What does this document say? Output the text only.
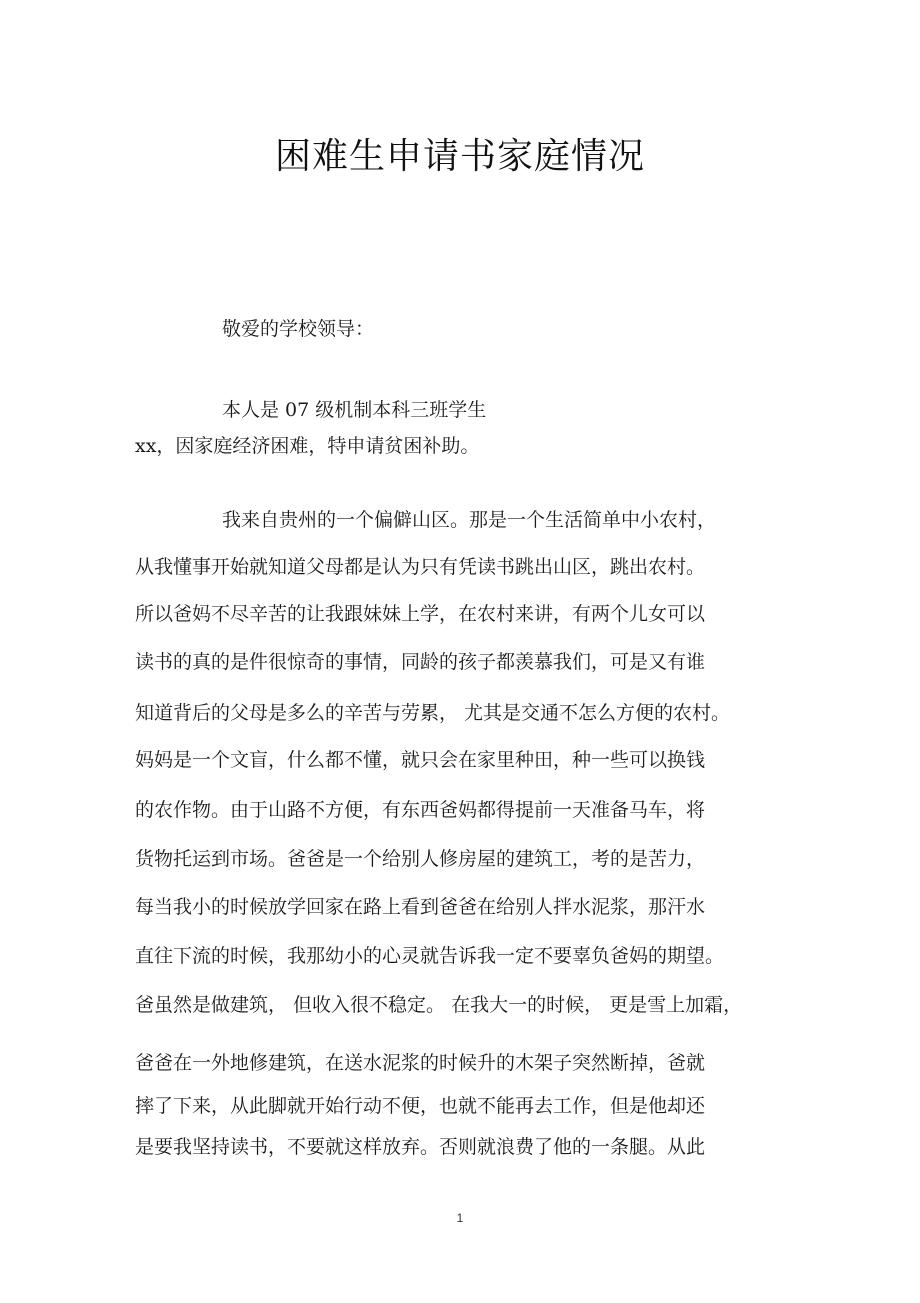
困难生申请书家庭情况
敬爱的学校领导：
本人是 07 级机制本科三班学生
xx，因家庭经济困难，特申请贫困补助。
我来自贵州的一个偏僻山区。那是一个生活简单中小农村，
从我懂事开始就知道父母都是认为只有凭读书跳出山区，跳出农村。
所以爸妈不尽辛苦的让我跟妹妹上学，在农村来讲，有两个儿女可以
读书的真的是件很惊奇的事情，同龄的孩子都羡慕我们，可是又有谁
知道背后的父母是多么的辛苦与劳累， 尤其是交通不怎么方便的农村。
妈妈是一个文盲，什么都不懂，就只会在家里种田，种一些可以换钱
的农作物。由于山路不方便，有东西爸妈都得提前一天准备马车，将
货物托运到市场。爸爸是一个给别人修房屋的建筑工，考的是苦力，
每当我小的时候放学回家在路上看到爸爸在给别人拌水泥浆，那汗水
直往下流的时候，我那幼小的心灵就告诉我一定不要辜负爸妈的期望。
爸虽然是做建筑， 但收入很不稳定。 在我大一的时候， 更是雪上加霜，
爸爸在一外地修建筑，在送水泥浆的时候升的木架子突然断掉，爸就
摔了下来，从此脚就开始行动不便，也就不能再去工作，但是他却还
是要我坚持读书，不要就这样放弃。否则就浪费了他的一条腿。从此
1
